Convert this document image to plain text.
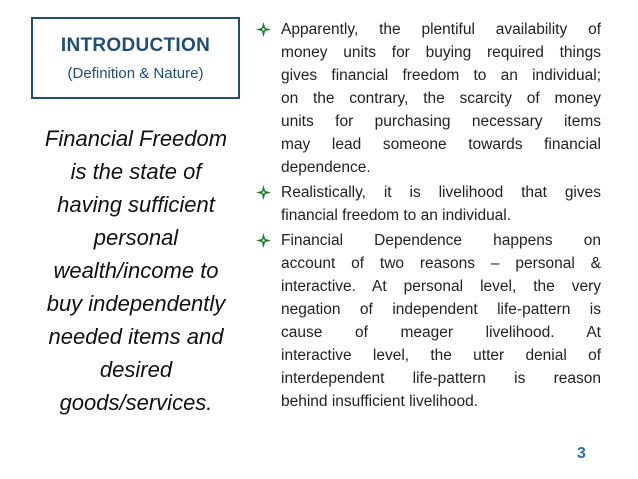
INTRODUCTION
(Definition & Nature)
Financial Freedom
is the state of
having sufficient
personal
wealth/income to
buy independently
needed items and
desired
goods/services.
Apparently, the plentiful availability of
money units for buying required things
gives financial freedom to an individual;
on the contrary, the scarcity of money
units for purchasing necessary items
may lead someone towards financial
dependence.
Realistically, it is livelihood that gives
financial freedom to an individual.
Financial Dependence happens on
account of two reasons – personal &
interactive. At personal level, the very
negation of independent life-pattern is
cause of meager livelihood. At
interactive level, the utter denial of
interdependent life-pattern is reason
behind insufficient livelihood.
3
